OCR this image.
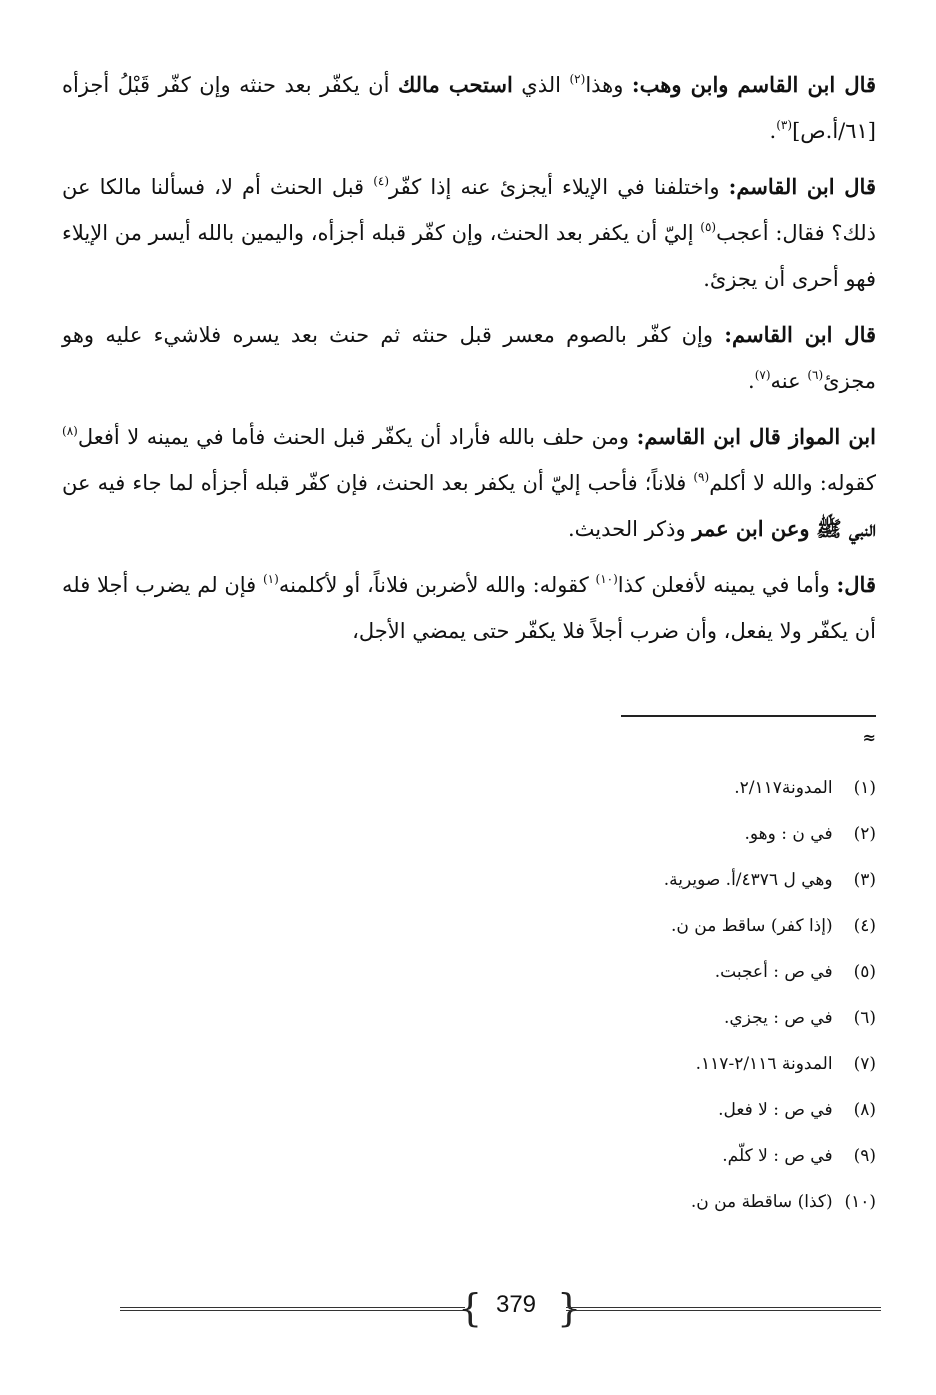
قال ابن القاسم وابن وهب: وهذا$^{(٢)}$ الذي استحب مالك أن يكفّر بعد حنثه وإن كفّر قَبْلُ أجزأه [٦١/أ.ص]$^{(٣)}$.

قال ابن القاسم: واختلفنا في الإيلاء أيجزئ عنه إذا كفّر$^{(٤)}$ قبل الحنث أم لا، فسألنا مالكا عن ذلك؟ فقال: أعجب$^{(٥)}$ إليّ أن يكفر بعد الحنث، وإن كفّر قبله أجزأه، واليمين بالله أيسر من الإيلاء فهو أحرى أن يجزئ.

قال ابن القاسم: وإن كفّر بالصوم معسر قبل حنثه ثم حنث بعد يسره فلاشيء عليه وهو مجزئ$^{(٦)}$ عنه$^{(٧)}$.

ابن المواز قال ابن القاسم: ومن حلف بالله فأراد أن يكفّر قبل الحنث فأما في يمينه لا أفعل$^{(٨)}$ كقوله: والله لا أكلم$^{(٩)}$ فلاناً؛ فأحب إليّ أن يكفر بعد الحنث، فإن كفّر قبله أجزأه لما جاء فيه عن النبي ﷺ وعن ابن عمر وذكر الحديث.

قال: وأما في يمينه لأفعلن كذا$^{(١٠)}$ كقوله: والله لأضربن فلاناً، أو لأكلمنه$^{(١)}$ فإن لم يضرب أجلا فله أن يكفّر ولا يفعل، وأن ضرب أجلاً فلا يكفّر حتى يمضي الأجل،

≈
(١) المدونة٢/١١٧.
(٢) في ن : وهو.
(٣) وهي ل ٤٣٧٦/أ. صويرية.
(٤) (إذا كفر) ساقط من ن.
(٥) في ص : أعجبت.
(٦) في ص : يجزي.
(٧) المدونة ٢/١١٦-١١٧.
(٨) في ص : لا فعل.
(٩) في ص : لا كلّم.
(١٠) (كذا) ساقطة من ن.
{ 379 }
